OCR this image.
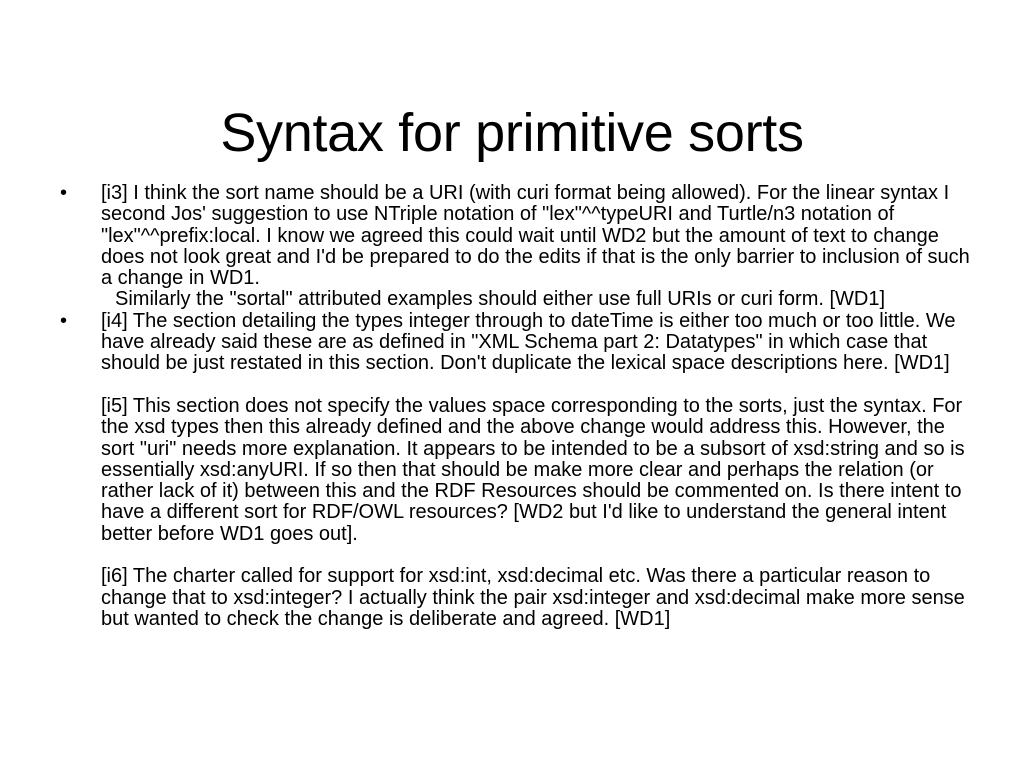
Syntax for primitive sorts
• [i3] I think the sort name should be a URI (with curi format being allowed). For the linear syntax I second Jos' suggestion to use NTriple notation of "lex"^^typeURI and Turtle/n3 notation of "lex"^^prefix:local. I know we agreed this could wait until WD2 but the amount of text to change does not look great and I'd be prepared to do the edits if that is the only barrier to inclusion of such a change in WD1.

Similarly the "sortal" attributed examples should either use full URIs or curi form. [WD1]

• [i4] The section detailing the types integer through to dateTime is either too much or too little. We have already said these are as defined in "XML Schema part 2: Datatypes" in which case that should be just restated in this section. Don't duplicate the lexical space descriptions here. [WD1]

[i5] This section does not specify the values space corresponding to the sorts, just the syntax. For the xsd types then this already defined and the above change would address this. However, the sort "uri" needs more explanation. It appears to be intended to be a subsort of xsd:string and so is essentially xsd:anyURI. If so then that should be make more clear and perhaps the relation (or rather lack of it) between this and the RDF Resources should be commented on. Is there intent to have a different sort for RDF/OWL resources? [WD2 but I'd like to understand the general intent better before WD1 goes out].

[i6] The charter called for support for xsd:int, xsd:decimal etc. Was there a particular reason to change that to xsd:integer? I actually think the pair xsd:integer and xsd:decimal make more sense but wanted to check the change is deliberate and agreed. [WD1]
